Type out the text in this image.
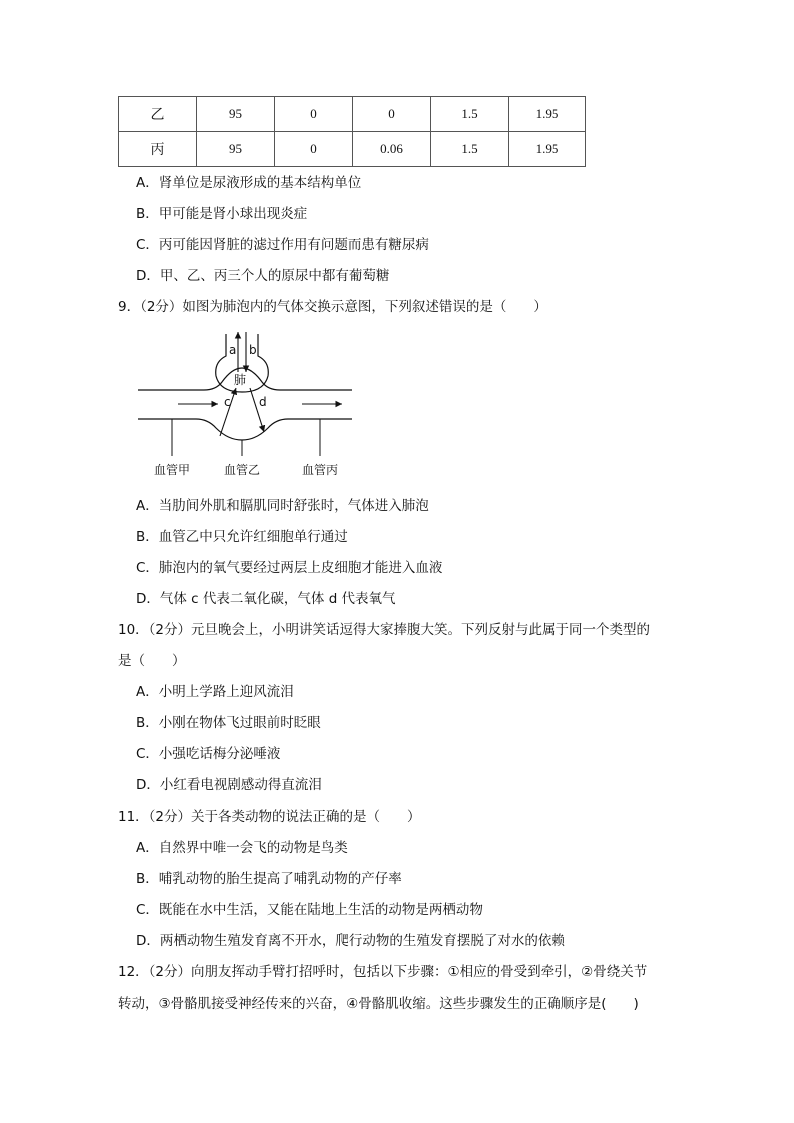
乙	95	0	0	1.5	1.95
丙	95	0	0.06	1.5	1.95
A．肾单位是尿液形成的基本结构单位
B．甲可能是肾小球出现炎症
C．丙可能因肾脏的滤过作用有问题而患有糖尿病
D．甲、乙、丙三个人的原尿中都有葡萄糖
9．（2分）如图为肺泡内的气体交换示意图，下列叙述错误的是（　　）
a b
肺
c d
血管甲	血管乙	血管丙
A．当肋间外肌和膈肌同时舒张时，气体进入肺泡
B．血管乙中只允许红细胞单行通过
C．肺泡内的氧气要经过两层上皮细胞才能进入血液
D．气体 c 代表二氧化碳，气体 d 代表氧气
10．（2分）元旦晚会上，小明讲笑话逗得大家捧腹大笑。下列反射与此属于同一个类型的
是（　　）
A．小明上学路上迎风流泪
B．小刚在物体飞过眼前时眨眼
C．小强吃话梅分泌唾液
D．小红看电视剧感动得直流泪
11．（2分）关于各类动物的说法正确的是（　　）
A．自然界中唯一会飞的动物是鸟类
B．哺乳动物的胎生提高了哺乳动物的产仔率
C．既能在水中生活，又能在陆地上生活的动物是两栖动物
D．两栖动物生殖发育离不开水，爬行动物的生殖发育摆脱了对水的依赖
12．（2分）向朋友挥动手臂打招呼时，包括以下步骤：①相应的骨受到牵引，②骨绕关节
转动，③骨骼肌接受神经传来的兴奋，④骨骼肌收缩。这些步骤发生的正确顺序是(　　)
